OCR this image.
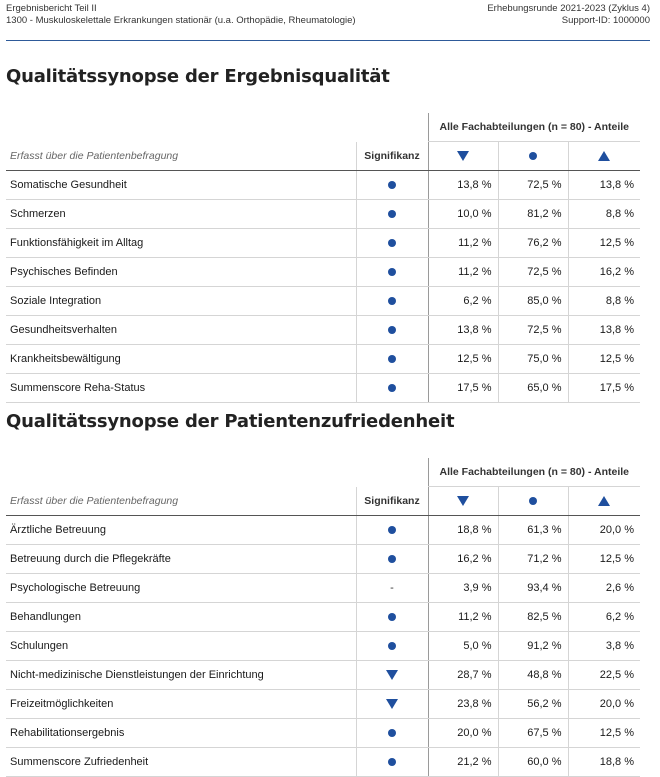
Ergebnisbericht Teil II
1300 - Muskuloskelettale Erkrankungen stationär (u.a. Orthopädie, Rheumatologie)
Erhebungsrunde 2021-2023 (Zyklus 4)
Support-ID: 1000000
Qualitätssynopse der Ergebnisqualität
		Alle Fachabteilungen (n = 80) - Anteile		
Erfasst über die Patientenbefragung	Signifikanz			
Somatische Gesundheit		13,8 %	72,5 %	13,8 %
Schmerzen		10,0 %	81,2 %	8,8 %
Funktionsfähigkeit im Alltag		11,2 %	76,2 %	12,5 %
Psychisches Befinden		11,2 %	72,5 %	16,2 %
Soziale Integration		6,2 %	85,0 %	8,8 %
Gesundheitsverhalten		13,8 %	72,5 %	13,8 %
Krankheitsbewältigung		12,5 %	75,0 %	12,5 %
Summenscore Reha-Status		17,5 %	65,0 %	17,5 %
Qualitätssynopse der Patientenzufriedenheit
		Alle Fachabteilungen (n = 80) - Anteile		
Erfasst über die Patientenbefragung	Signifikanz			
Ärztliche Betreuung		18,8 %	61,3 %	20,0 %
Betreuung durch die Pflegekräfte		16,2 %	71,2 %	12,5 %
Psychologische Betreuung	-	3,9 %	93,4 %	2,6 %
Behandlungen		11,2 %	82,5 %	6,2 %
Schulungen		5,0 %	91,2 %	3,8 %
Nicht-medizinische Dienstleistungen der Einrichtung		28,7 %	48,8 %	22,5 %
Freizeitmöglichkeiten		23,8 %	56,2 %	20,0 %
Rehabilitationsergebnis		20,0 %	67,5 %	12,5 %
Summenscore Zufriedenheit		21,2 %	60,0 %	18,8 %
